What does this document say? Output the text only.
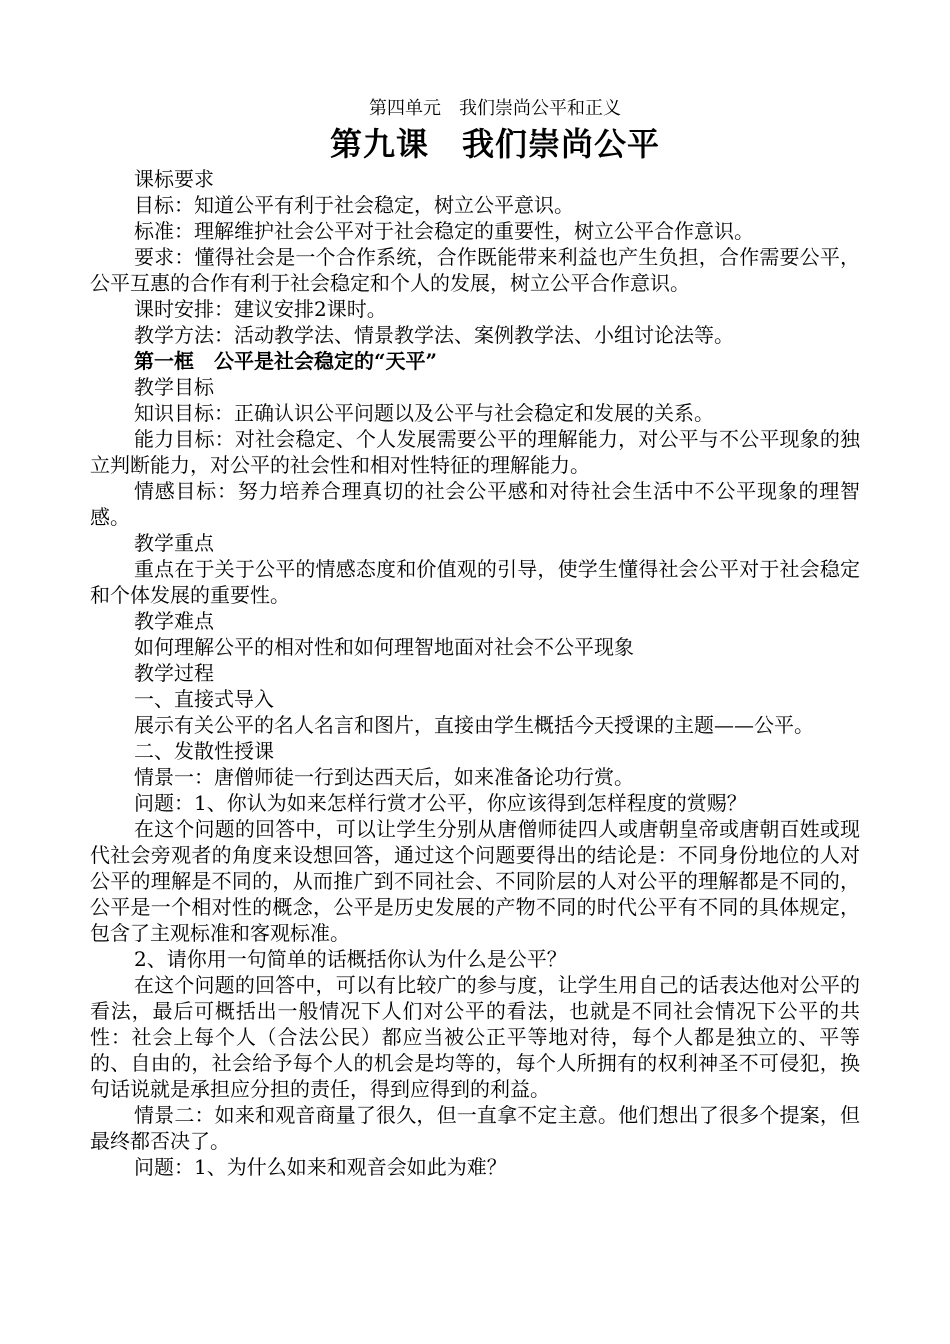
第四单元　我们崇尚公平和正义
第九课　我们崇尚公平

课标要求

目标：知道公平有利于社会稳定，树立公平意识。

标准：理解维护社会公平对于社会稳定的重要性，树立公平合作意识。

要求：懂得社会是一个合作系统，合作既能带来利益也产生负担，合作需要公平，公平互惠的合作有利于社会稳定和个人的发展，树立公平合作意识。

课时安排：建议安排2课时。

教学方法：活动教学法、情景教学法、案例教学法、小组讨论法等。

第一框　公平是社会稳定的“天平”

教学目标

知识目标：正确认识公平问题以及公平与社会稳定和发展的关系。

能力目标：对社会稳定、个人发展需要公平的理解能力，对公平与不公平现象的独立判断能力，对公平的社会性和相对性特征的理解能力。

情感目标：努力培养合理真切的社会公平感和对待社会生活中不公平现象的理智感。

教学重点

重点在于关于公平的情感态度和价值观的引导，使学生懂得社会公平对于社会稳定和个体发展的重要性。

教学难点

如何理解公平的相对性和如何理智地面对社会不公平现象

教学过程

一、直接式导入

展示有关公平的名人名言和图片，直接由学生概括今天授课的主题——公平。

二、发散性授课

情景一：唐僧师徒一行到达西天后，如来准备论功行赏。

问题：1、你认为如来怎样行赏才公平，你应该得到怎样程度的赏赐？

在这个问题的回答中，可以让学生分别从唐僧师徒四人或唐朝皇帝或唐朝百姓或现代社会旁观者的角度来设想回答，通过这个问题要得出的结论是：不同身份地位的人对公平的理解是不同的，从而推广到不同社会、不同阶层的人对公平的理解都是不同的，公平是一个相对性的概念，公平是历史发展的产物不同的时代公平有不同的具体规定，包含了主观标准和客观标准。

2、请你用一句简单的话概括你认为什么是公平？

在这个问题的回答中，可以有比较广的参与度，让学生用自己的话表达他对公平的看法，最后可概括出一般情况下人们对公平的看法，也就是不同社会情况下公平的共性：社会上每个人（合法公民）都应当被公正平等地对待，每个人都是独立的、平等的、自由的，社会给予每个人的机会是均等的，每个人所拥有的权利神圣不可侵犯，换句话说就是承担应分担的责任，得到应得到的利益。

情景二：如来和观音商量了很久，但一直拿不定主意。他们想出了很多个提案，但最终都否决了。

问题：1、为什么如来和观音会如此为难？
